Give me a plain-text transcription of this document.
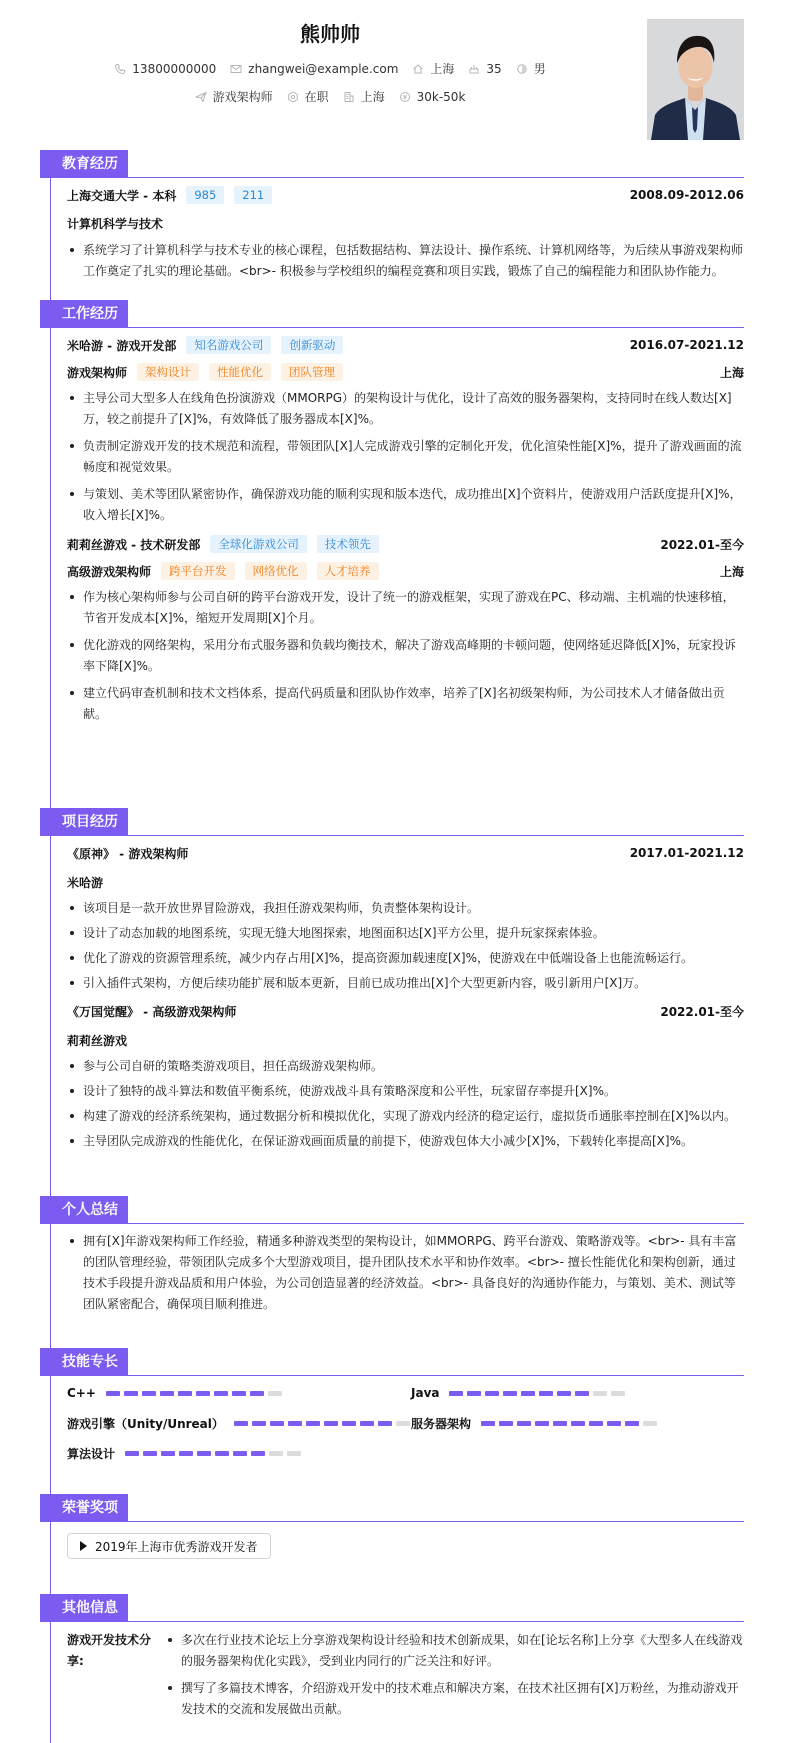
熊帅帅
13800000000	zhangwei@example.com	上海	35	男
游戏架构师	在职	上海	30k-50k
教育经历
上海交通大学 - 本科	985	211	2008.09-2012.06
计算机科学与技术
系统学习了计算机科学与技术专业的核心课程，包括数据结构、算法设计、操作系统、计算机网络等，为后续从事游戏架构师工作奠定了扎实的理论基础。<br>- 积极参与学校组织的编程竞赛和项目实践，锻炼了自己的编程能力和团队协作能力。
工作经历
米哈游 - 游戏开发部	知名游戏公司	创新驱动	2016.07-2021.12
游戏架构师	架构设计	性能优化	团队管理	上海
主导公司大型多人在线角色扮演游戏（MMORPG）的架构设计与优化，设计了高效的服务器架构，支持同时在线人数达[X]万，较之前提升了[X]%，有效降低了服务器成本[X]%。
负责制定游戏开发的技术规范和流程，带领团队[X]人完成游戏引擎的定制化开发，优化渲染性能[X]%，提升了游戏画面的流畅度和视觉效果。
与策划、美术等团队紧密协作，确保游戏功能的顺利实现和版本迭代，成功推出[X]个资料片，使游戏用户活跃度提升[X]%，收入增长[X]%。
莉莉丝游戏 - 技术研发部	全球化游戏公司	技术领先	2022.01-至今
高级游戏架构师	跨平台开发	网络优化	人才培养	上海
作为核心架构师参与公司自研的跨平台游戏开发，设计了统一的游戏框架，实现了游戏在PC、移动端、主机端的快速移植，节省开发成本[X]%，缩短开发周期[X]个月。
优化游戏的网络架构，采用分布式服务器和负载均衡技术，解决了游戏高峰期的卡顿问题，使网络延迟降低[X]%，玩家投诉率下降[X]%。
建立代码审查机制和技术文档体系，提高代码质量和团队协作效率，培养了[X]名初级架构师，为公司技术人才储备做出贡献。
项目经历
《原神》 - 游戏架构师	2017.01-2021.12
米哈游
该项目是一款开放世界冒险游戏，我担任游戏架构师，负责整体架构设计。
设计了动态加载的地图系统，实现无缝大地图探索，地图面积达[X]平方公里，提升玩家探索体验。
优化了游戏的资源管理系统，减少内存占用[X]%，提高资源加载速度[X]%，使游戏在中低端设备上也能流畅运行。
引入插件式架构，方便后续功能扩展和版本更新，目前已成功推出[X]个大型更新内容，吸引新用户[X]万。
《万国觉醒》 - 高级游戏架构师	2022.01-至今
莉莉丝游戏
参与公司自研的策略类游戏项目，担任高级游戏架构师。
设计了独特的战斗算法和数值平衡系统，使游戏战斗具有策略深度和公平性，玩家留存率提升[X]%。
构建了游戏的经济系统架构，通过数据分析和模拟优化，实现了游戏内经济的稳定运行，虚拟货币通胀率控制在[X]%以内。
主导团队完成游戏的性能优化，在保证游戏画面质量的前提下，使游戏包体大小减少[X]%，下载转化率提高[X]%。
个人总结
拥有[X]年游戏架构师工作经验，精通多种游戏类型的架构设计，如MMORPG、跨平台游戏、策略游戏等。<br>- 具有丰富的团队管理经验，带领团队完成多个大型游戏项目，提升团队技术水平和协作效率。<br>- 擅长性能优化和架构创新，通过技术手段提升游戏品质和用户体验，为公司创造显著的经济效益。<br>- 具备良好的沟通协作能力，与策划、美术、测试等团队紧密配合，确保项目顺利推进。
技能专长
C++	Java
游戏引擎（Unity/Unreal）	服务器架构
算法设计
荣誉奖项
2019年上海市优秀游戏开发者
其他信息
游戏开发技术分享:
多次在行业技术论坛上分享游戏架构设计经验和技术创新成果，如在[论坛名称]上分享《大型多人在线游戏的服务器架构优化实践》，受到业内同行的广泛关注和好评。
撰写了多篇技术博客，介绍游戏开发中的技术难点和解决方案，在技术社区拥有[X]万粉丝，为推动游戏开发技术的交流和发展做出贡献。
